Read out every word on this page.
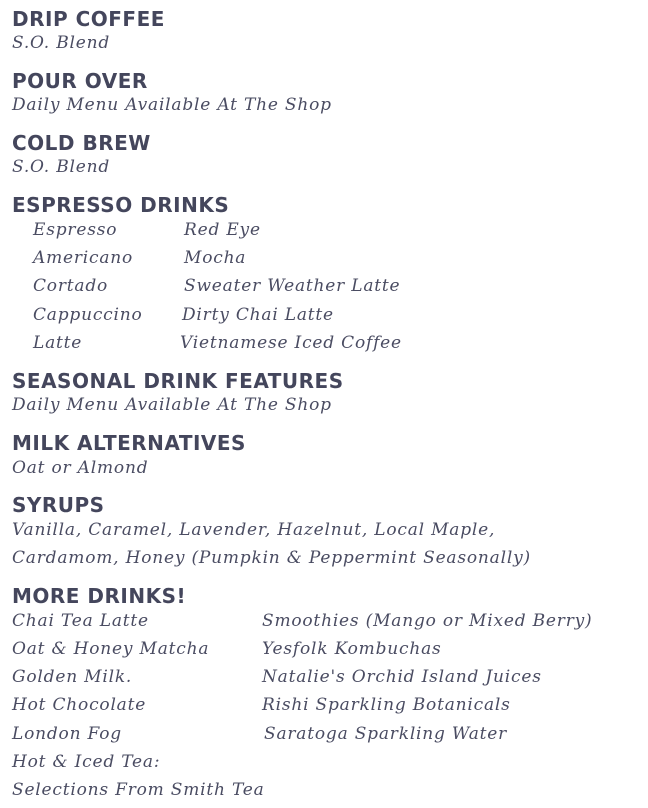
DRIP COFFEE

S.O. Blend

POUR OVER

Daily Menu Available At The Shop

COLD BREW

S.O. Blend

ESPRESSO DRINKS

Espresso

Americano

Cortado

Cappuccino

Latte

Red Eye

Mocha

Sweater Weather Latte

Dirty Chai Latte

Vietnamese Iced Coffee

SEASONAL DRINK FEATURES

Daily Menu Available At The Shop

MILK ALTERNATIVES

Oat or Almond

SYRUPS

Vanilla, Caramel, Lavender, Hazelnut, Local Maple,

Cardamom, Honey (Pumpkin & Peppermint Seasonally)

MORE DRINKS!

Chai Tea Latte

Oat & Honey Matcha

Golden Milk.

Hot Chocolate

London Fog

Hot & Iced Tea:

Selections From Smith Tea

Smoothies (Mango or Mixed Berry)

Yesfolk Kombuchas

Natalie's Orchid Island Juices

Rishi Sparkling Botanicals

Saratoga Sparkling Water
